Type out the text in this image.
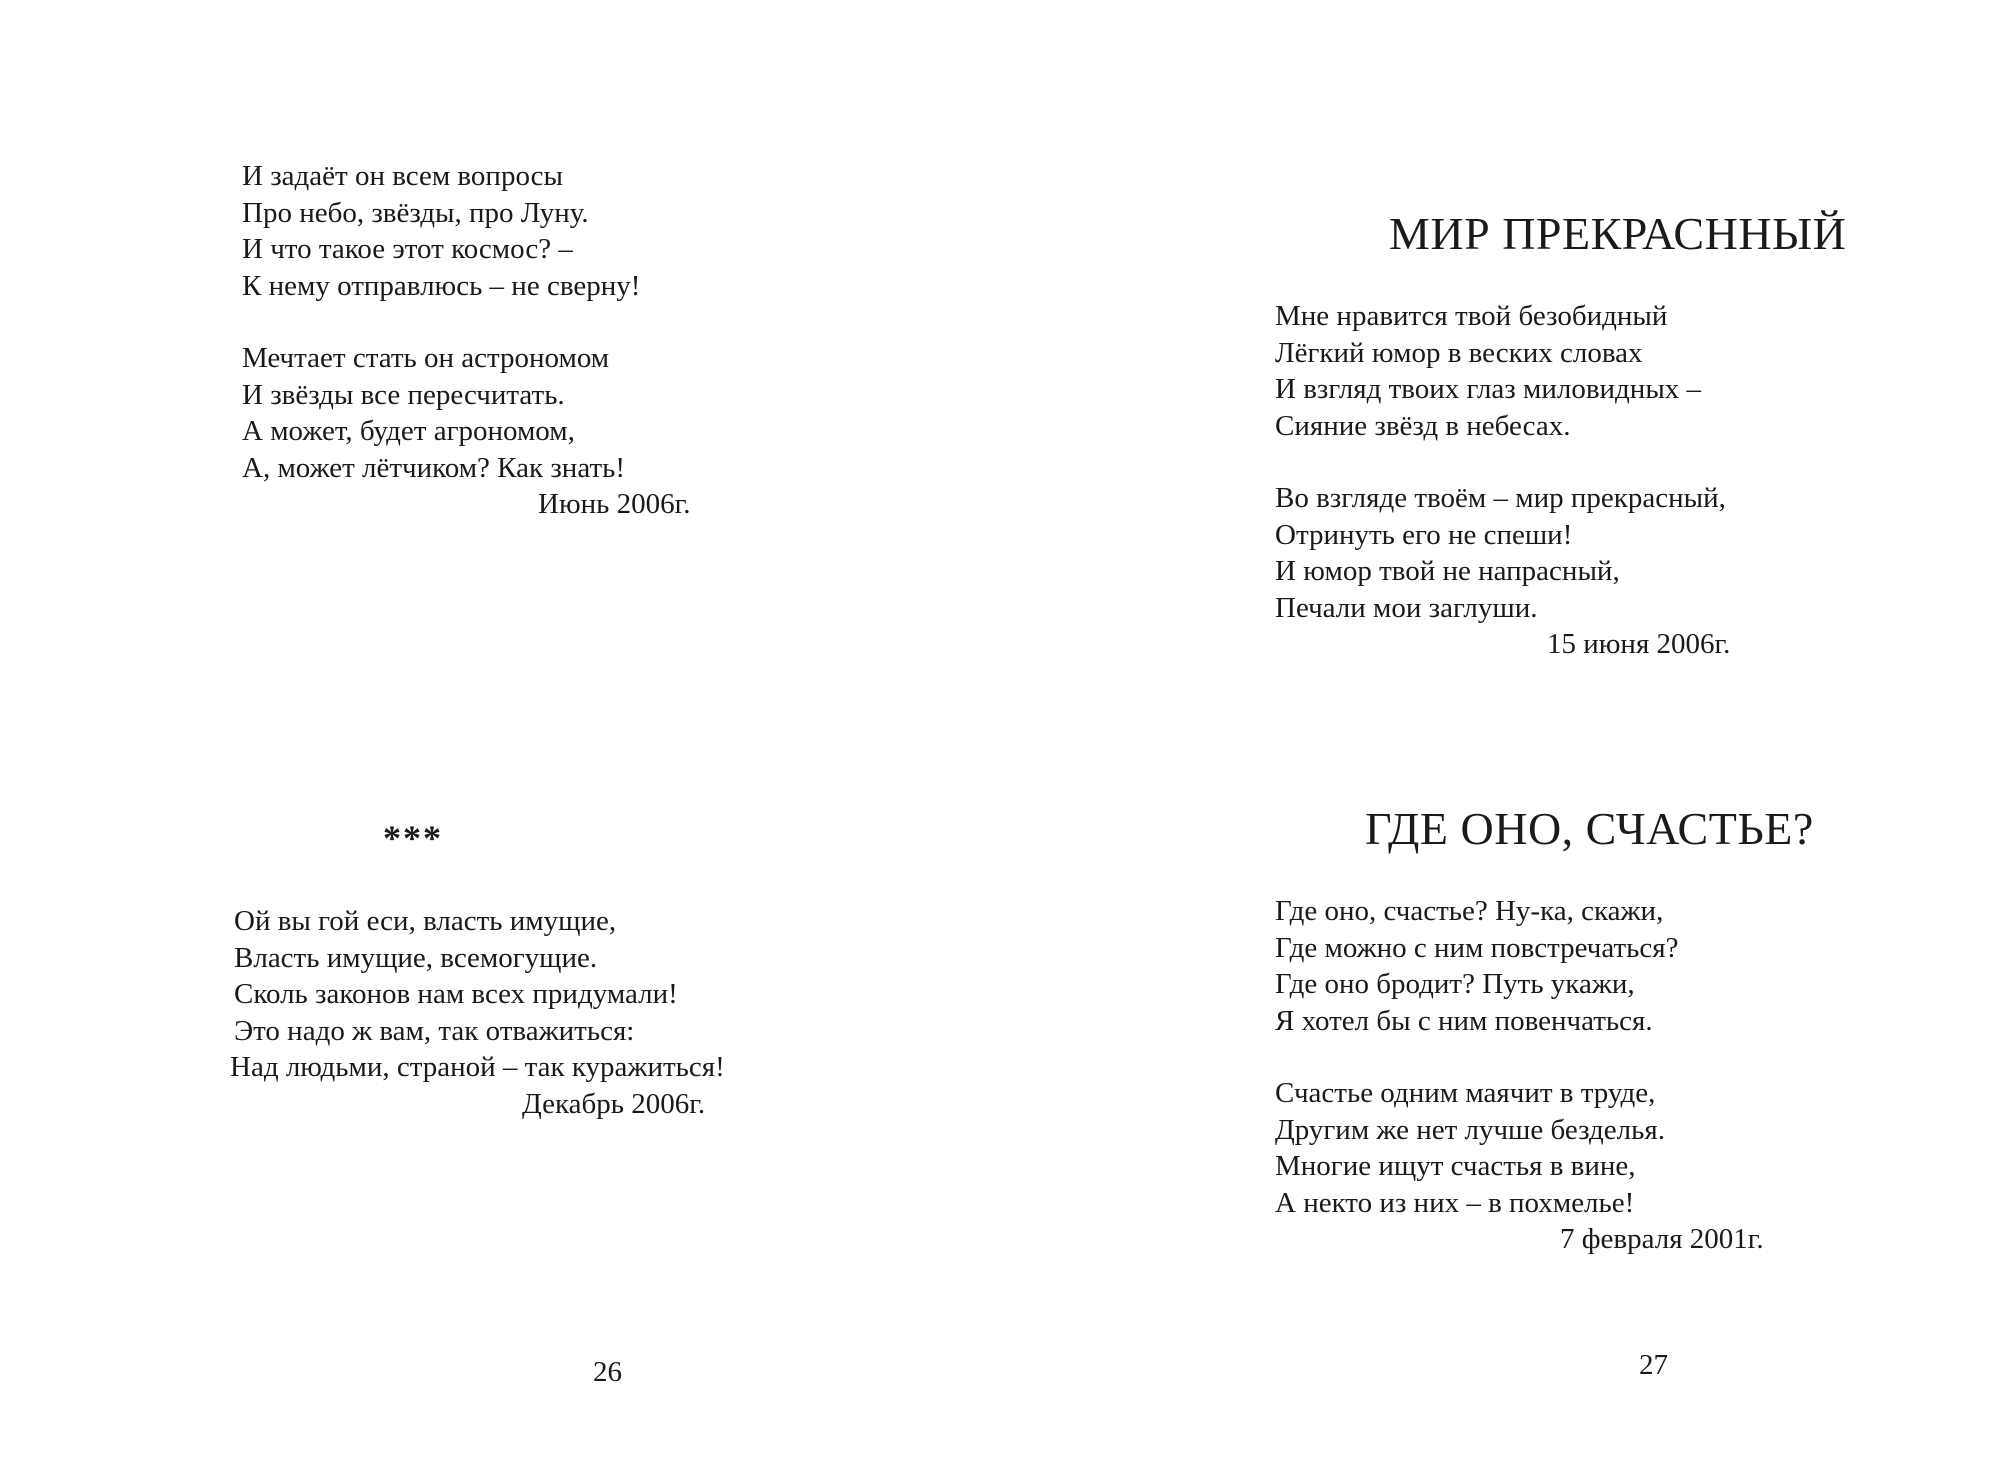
И задаёт он всем вопросы
Про небо, звёзды, про Луну.
И что такое этот космос? –
К нему отправлюсь – не сверну!
Мечтает стать он астрономом
И звёзды все пересчитать.
А может, будет агрономом,
А, может лётчиком? Как знать!
Июнь 2006г.
***
Ой вы гой еси, власть имущие,
Власть имущие, всемогущие.
Сколь законов нам всех придумали!
Это надо ж вам, так отважиться:
Над людьми, страной – так куражиться!
Декабрь 2006г.
26
МИР ПРЕКРАСННЫЙ
Мне нравится твой безобидный
Лёгкий юмор в веских словах
И взгляд твоих глаз миловидных –
Сияние звёзд в небесах.
Во взгляде твоём – мир прекрасный,
Отринуть его не спеши!
И юмор твой не напрасный,
Печали мои заглуши.
15 июня 2006г.
ГДЕ ОНО, СЧАСТЬЕ?
Где оно, счастье? Ну-ка, скажи,
Где можно с ним повстречаться?
Где оно бродит? Путь укажи,
Я хотел бы с ним повенчаться.
Счастье одним маячит в труде,
Другим же нет лучше безделья.
Многие ищут счастья в вине,
А некто из них – в похмелье!
7 февраля 2001г.
27
